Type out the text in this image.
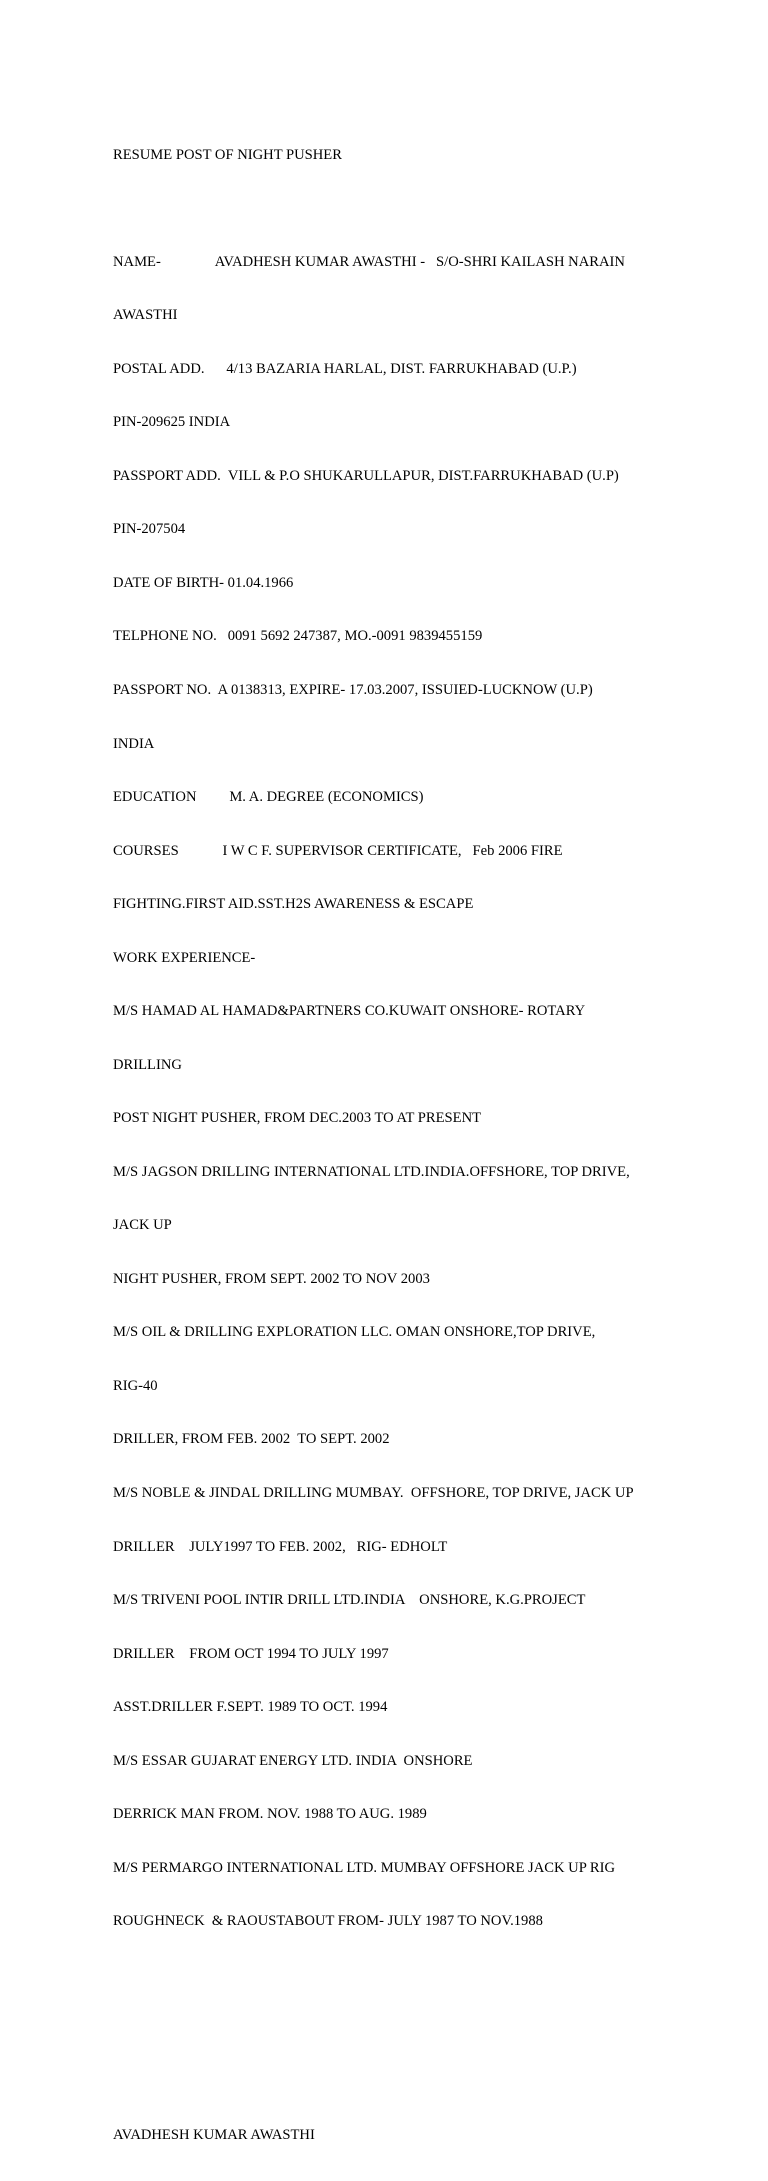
RESUME POST OF NIGHT PUSHER

NAME-               AVADHESH KUMAR AWASTHI -   S/O-SHRI KAILASH NARAIN

AWASTHI

POSTAL ADD.      4/13 BAZARIA HARLAL, DIST. FARRUKHABAD (U.P.)

PIN-209625 INDIA

PASSPORT ADD.  VILL & P.O SHUKARULLAPUR, DIST.FARRUKHABAD (U.P)

PIN-207504

DATE OF BIRTH- 01.04.1966

TELPHONE NO.   0091 5692 247387, MO.-0091 9839455159

PASSPORT NO.  A 0138313, EXPIRE- 17.03.2007, ISSUIED-LUCKNOW (U.P)

INDIA

EDUCATION         M. A. DEGREE (ECONOMICS)

COURSES            I W C F. SUPERVISOR CERTIFICATE,   Feb 2006 FIRE

FIGHTING.FIRST AID.SST.H2S AWARENESS & ESCAPE

WORK EXPERIENCE-

M/S HAMAD AL HAMAD&PARTNERS CO.KUWAIT ONSHORE- ROTARY

DRILLING

POST NIGHT PUSHER, FROM DEC.2003 TO AT PRESENT

M/S JAGSON DRILLING INTERNATIONAL LTD.INDIA.OFFSHORE, TOP DRIVE,

JACK UP

NIGHT PUSHER, FROM SEPT. 2002 TO NOV 2003

M/S OIL & DRILLING EXPLORATION LLC. OMAN ONSHORE,TOP DRIVE,

RIG-40

DRILLER, FROM FEB. 2002  TO SEPT. 2002

M/S NOBLE & JINDAL DRILLING MUMBAY.  OFFSHORE, TOP DRIVE, JACK UP

DRILLER    JULY1997 TO FEB. 2002,   RIG- EDHOLT

M/S TRIVENI POOL INTIR DRILL LTD.INDIA    ONSHORE, K.G.PROJECT

DRILLER    FROM OCT 1994 TO JULY 1997

ASST.DRILLER F.SEPT. 1989 TO OCT. 1994

M/S ESSAR GUJARAT ENERGY LTD. INDIA  ONSHORE

DERRICK MAN FROM. NOV. 1988 TO AUG. 1989

M/S PERMARGO INTERNATIONAL LTD. MUMBAY OFFSHORE JACK UP RIG

ROUGHNECK  & RAOUSTABOUT FROM- JULY 1987 TO NOV.1988

AVADHESH KUMAR AWASTHI
